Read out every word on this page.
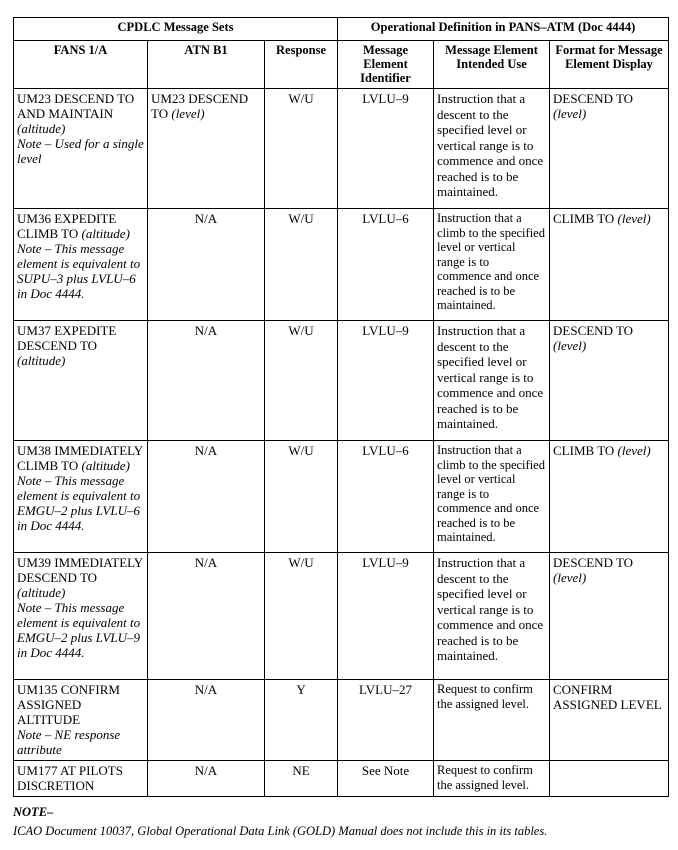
CPDLC Message Sets			Operational Definition in PANS–ATM (Doc 4444)		
FANS 1/A	ATN B1	Response	Message Element Identifier	Message Element Intended Use	Format for Message Element Display
UM23 DESCEND TO AND MAINTAIN
(altitude)
Note – Used for a single level	UM23 DESCEND TO (level)	W/U	LVLU–9	Instruction that a descent to the specified level or vertical range is to commence and once reached is to be maintained.	DESCEND TO (level)
UM36 EXPEDITE CLIMB TO (altitude)
Note – This message element is equivalent to SUPU–3 plus LVLU–6 in Doc 4444.	N/A	W/U	LVLU–6	Instruction that a climb to the specified level or vertical range is to commence and once reached is to be maintained.	CLIMB TO (level)
UM37 EXPEDITE DESCEND TO
(altitude)	N/A	W/U	LVLU–9	Instruction that a descent to the specified level or vertical range is to commence and once reached is to be maintained.	DESCEND TO (level)
UM38 IMMEDIATELY CLIMB TO (altitude)
Note – This message element is equivalent to EMGU–2 plus LVLU–6 in Doc 4444.	N/A	W/U	LVLU–6	Instruction that a climb to the specified level or vertical range is to commence and once reached is to be maintained.	CLIMB TO (level)
UM39 IMMEDIATELY DESCEND TO
(altitude)
Note – This message element is equivalent to EMGU–2 plus LVLU–9 in Doc 4444.	N/A	W/U	LVLU–9	Instruction that a descent to the specified level or vertical range is to commence and once reached is to be maintained.	DESCEND TO (level)
UM135 CONFIRM ASSIGNED ALTITUDE
Note – NE response attribute	N/A	Y	LVLU–27	Request to confirm the assigned level.	CONFIRM ASSIGNED LEVEL
UM177 AT PILOTS DISCRETION	N/A	NE	See Note	Request to confirm the assigned level.	
NOTE–
ICAO Document 10037, Global Operational Data Link (GOLD) Manual does not include this in its tables.
